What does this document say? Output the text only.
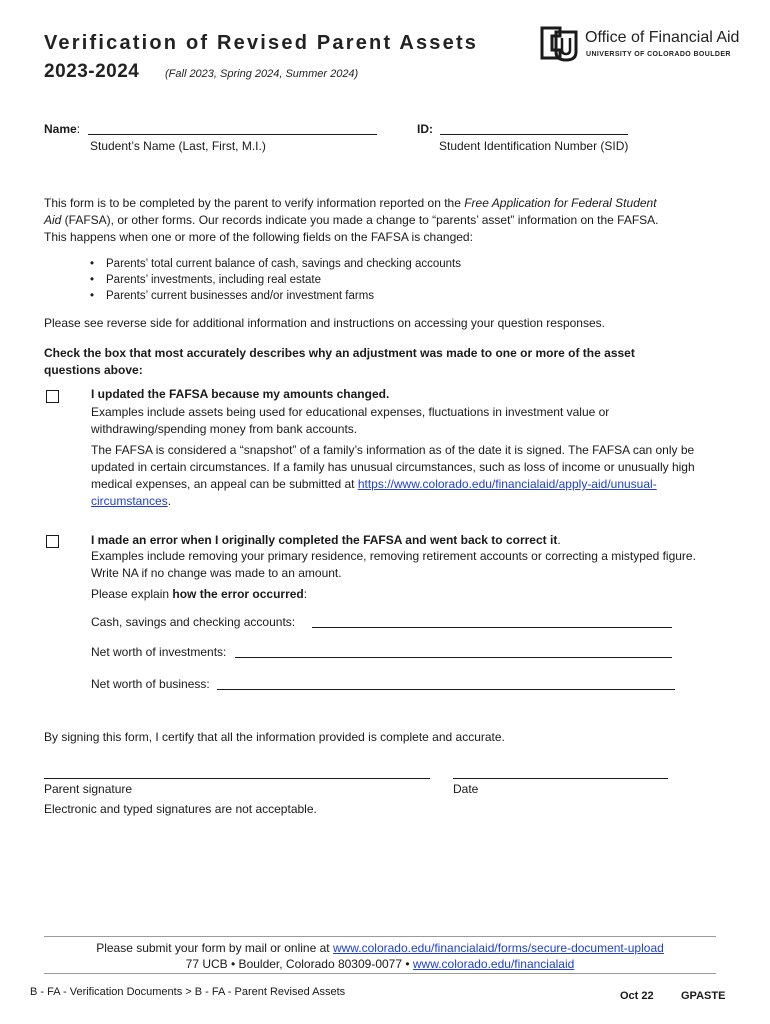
Verification of Revised Parent Assets
2023-2024 (Fall 2023, Spring 2024, Summer 2024)
Office of Financial Aid
UNIVERSITY OF COLORADO BOULDER
Name:
Student’s Name (Last, First, M.I.)
ID:
Student Identification Number (SID)
This form is to be completed by the parent to verify information reported on the Free Application for Federal Student Aid (FAFSA), or other forms. Our records indicate you made a change to “parents’ asset” information on the FAFSA. This happens when one or more of the following fields on the FAFSA is changed:
• Parents’ total current balance of cash, savings and checking accounts
• Parents’ investments, including real estate
• Parents’ current businesses and/or investment farms
Please see reverse side for additional information and instructions on accessing your question responses.
Check the box that most accurately describes why an adjustment was made to one or more of the asset questions above:
I updated the FAFSA because my amounts changed.
Examples include assets being used for educational expenses, fluctuations in investment value or withdrawing/spending money from bank accounts.
The FAFSA is considered a “snapshot” of a family’s information as of the date it is signed. The FAFSA can only be updated in certain circumstances. If a family has unusual circumstances, such as loss of income or unusually high medical expenses, an appeal can be submitted at https://www.colorado.edu/financialaid/apply-aid/unusual-circumstances.
I made an error when I originally completed the FAFSA and went back to correct it.
Examples include removing your primary residence, removing retirement accounts or correcting a mistyped figure. Write NA if no change was made to an amount.
Please explain how the error occurred:
Cash, savings and checking accounts:
Net worth of investments:
Net worth of business:
By signing this form, I certify that all the information provided is complete and accurate.
Parent signature	Date
Electronic and typed signatures are not acceptable.
Please submit your form by mail or online at www.colorado.edu/financialaid/forms/secure-document-upload
77 UCB • Boulder, Colorado 80309-0077 • www.colorado.edu/financialaid
B - FA - Verification Documents > B - FA - Parent Revised Assets	Oct 22 GPASTE
